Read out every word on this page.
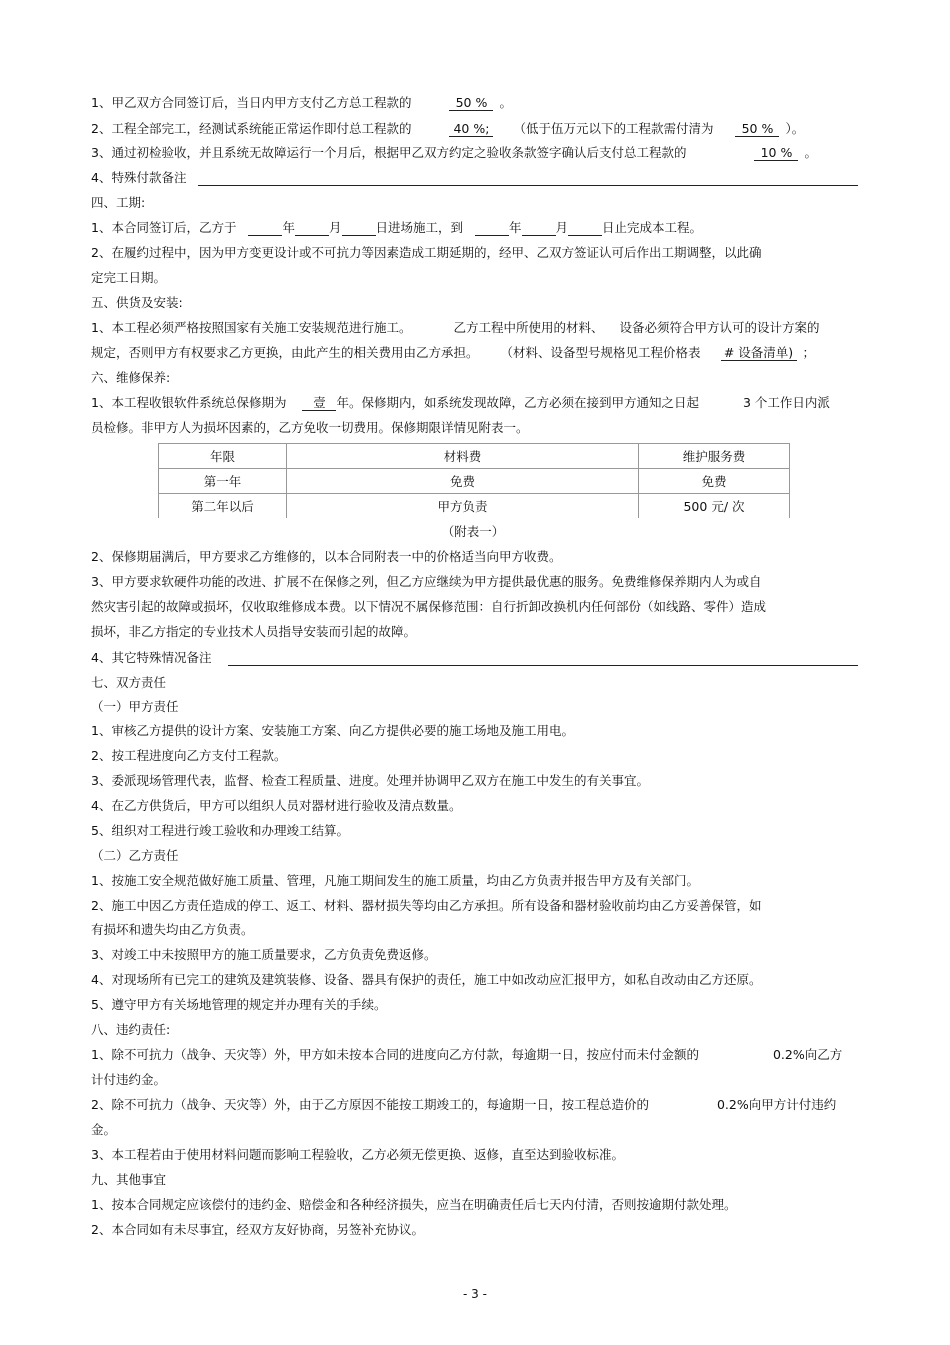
1、甲乙双方合同签订后，当日内甲方支付乙方总工程款的	50 % 。
2、工程全部完工，经测试系统能正常运作即付总工程款的	40 %; （低于伍万元以下的工程款需付清为 50 % ）。
3、通过初检验收，并且系统无故障运行一个月后，根据甲乙双方约定之验收条款签字确认后支付总工程款的	10 % 。
4、特殊付款备注
四、工期:
1、本合同签订后，乙方于	年	月	日进场施工，到	年	月	日止完成本工程。
2、在履约过程中，因为甲方变更设计或不可抗力等因素造成工期延期的，经甲、乙双方签证认可后作出工期调整，以此确
定完工日期。
五、供货及安装:
1、本工程必须严格按照国家有关施工安装规范进行施工。	乙方工程中所使用的材料、 设备必须符合甲方认可的设计方案的
规定，否则甲方有权要求乙方更换，由此产生的相关费用由乙方承担。 （材料、设备型号规格见工程价格表 # 设备清单) ；
六、维修保养:
1、本工程收银软件系统总保修期为 壹 年。保修期内，如系统发现故障，乙方必须在接到甲方通知之日起	3 个工作日内派
员检修。非甲方人为损坏因素的，乙方免收一切费用。保修期限详情见附表一。
年限	材料费	维护服务费
第一年	免费	免费
第二年以后	甲方负责	500 元/ 次
（附表一）
2、保修期届满后，甲方要求乙方维修的，以本合同附表一中的价格适当向甲方收费。
3、甲方要求软硬件功能的改进、扩展不在保修之列，但乙方应继续为甲方提供最优惠的服务。免费维修保养期内人为或自
然灾害引起的故障或损坏，仅收取维修成本费。以下情况不属保修范围：自行折卸改换机内任何部份（如线路、零件）造成
损坏，非乙方指定的专业技术人员指导安装而引起的故障。
4、其它特殊情况备注
七、双方责任
（一）甲方责任
1、审核乙方提供的设计方案、安装施工方案、向乙方提供必要的施工场地及施工用电。
2、按工程进度向乙方支付工程款。
3、委派现场管理代表，监督、检查工程质量、进度。处理并协调甲乙双方在施工中发生的有关事宜。
4、在乙方供货后，甲方可以组织人员对器材进行验收及清点数量。
5、组织对工程进行竣工验收和办理竣工结算。
（二）乙方责任
1、按施工安全规范做好施工质量、管理，凡施工期间发生的施工质量，均由乙方负责并报告甲方及有关部门。
2、施工中因乙方责任造成的停工、返工、材料、器材损失等均由乙方承担。所有设备和器材验收前均由乙方妥善保管，如
有损坏和遗失均由乙方负责。
3、对竣工中未按照甲方的施工质量要求，乙方负责免费返修。
4、对现场所有已完工的建筑及建筑装修、设备、器具有保护的责任，施工中如改动应汇报甲方，如私自改动由乙方还原。
5、遵守甲方有关场地管理的规定并办理有关的手续。
八、违约责任:
1、除不可抗力（战争、天灾等）外，甲方如未按本合同的进度向乙方付款，每逾期一日，按应付而未付金额的	0.2%向乙方
计付违约金。
2、除不可抗力（战争、天灾等）外，由于乙方原因不能按工期竣工的，每逾期一日，按工程总造价的	0.2%向甲方计付违约
金。
3、本工程若由于使用材料问题而影响工程验收，乙方必须无偿更换、返修，直至达到验收标准。
九、其他事宜
1、按本合同规定应该偿付的违约金、赔偿金和各种经济损失，应当在明确责任后七天内付清，否则按逾期付款处理。
2、本合同如有未尽事宜，经双方友好协商，另签补充协议。
- 3 -
